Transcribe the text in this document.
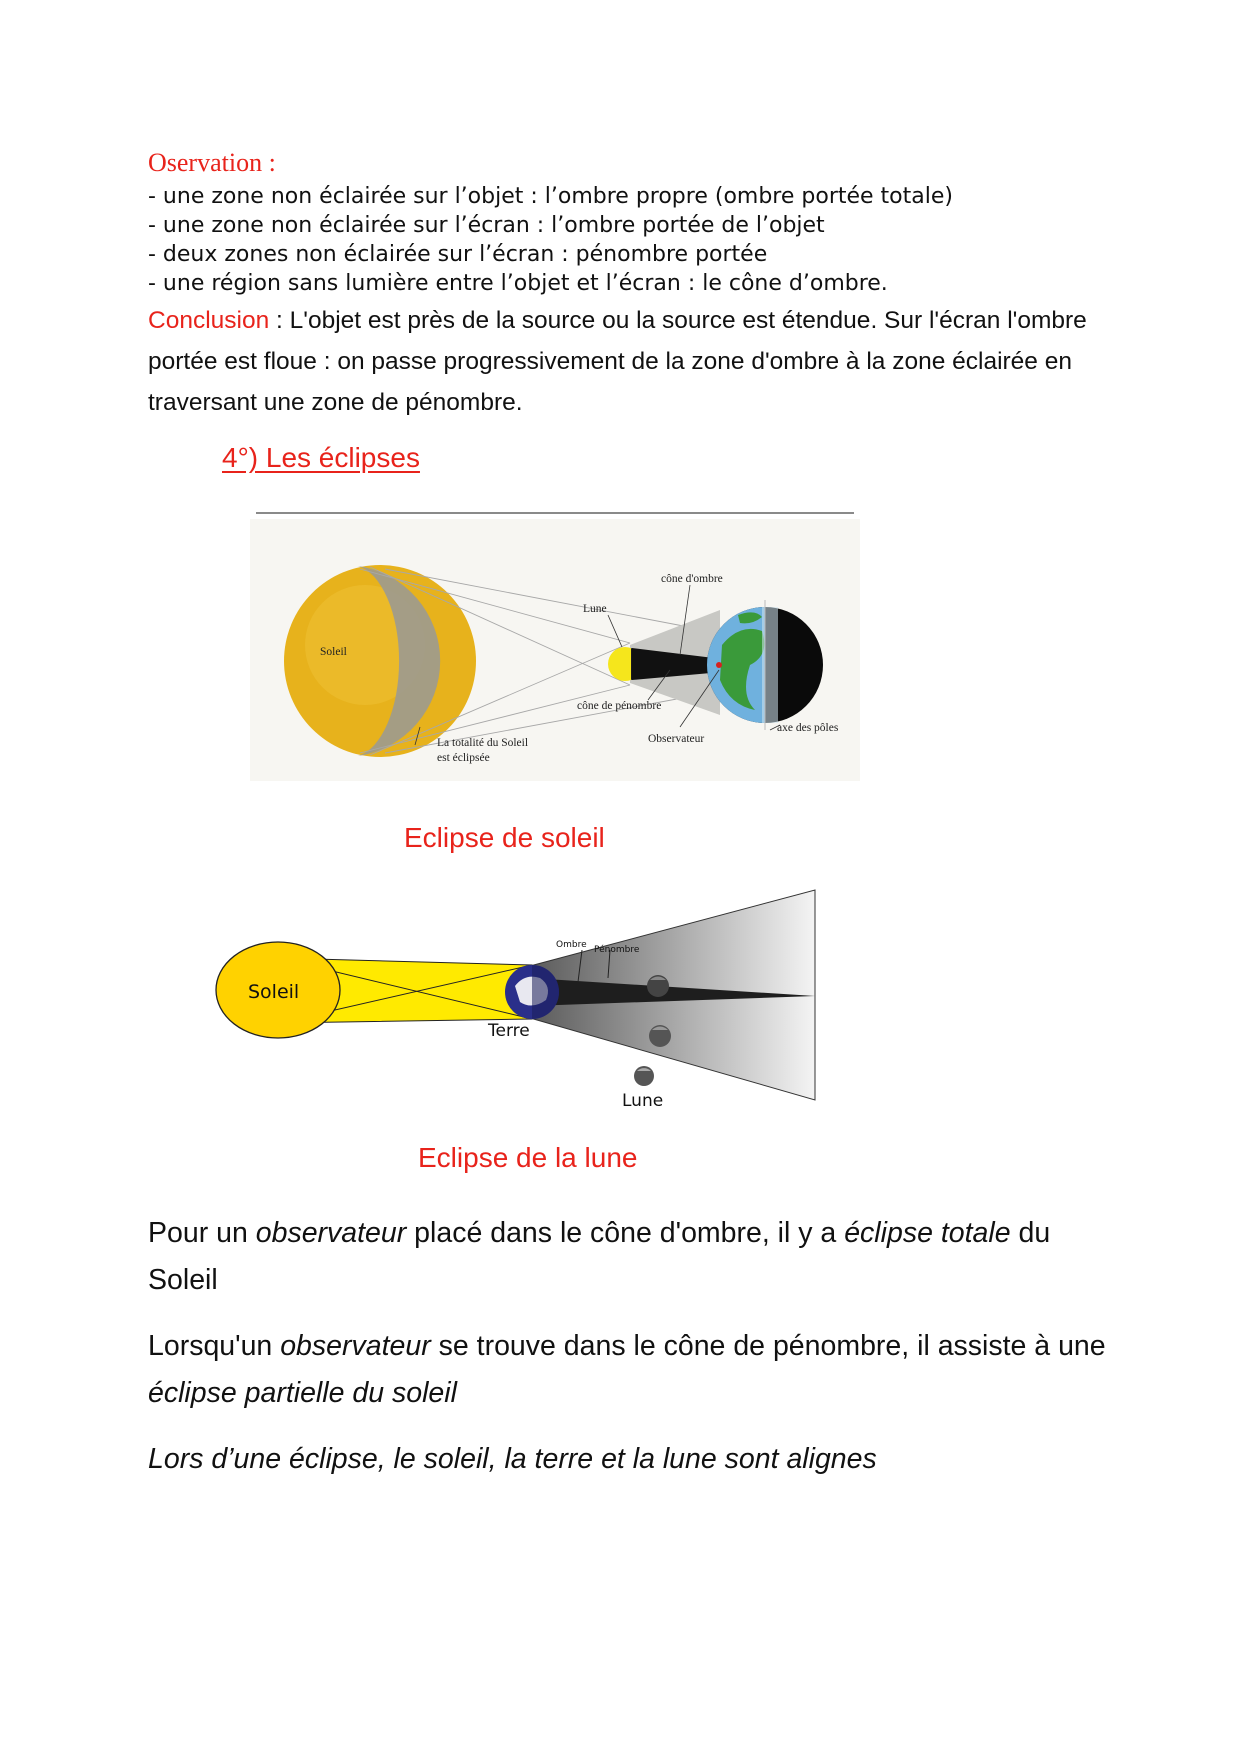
Oservation :
- une zone non éclairée sur l’objet : l’ombre propre (ombre portée totale)
- une zone non éclairée sur l’écran : l’ombre portée de l’objet
- deux zones non éclairée sur l’écran : pénombre portée
- une région sans lumière entre l’objet et l’écran : le cône d’ombre.
Conclusion : L'objet est près de la source ou la source est étendue. Sur l'écran l'ombre portée est floue : on passe progressivement de la zone d'ombre à la zone éclairée en traversant une zone de pénombre.
4°) Les éclipses
Soleil
Lune
cône d'ombre
cône de pénombre
Observateur
axe des pôles
La totalité du Soleil
est éclipsée
Eclipse de soleil
Soleil
Terre
Lune
Ombre Pénombre
Eclipse de la lune
Pour un observateur placé dans le cône d'ombre, il y a éclipse totale du Soleil
Lorsqu'un observateur se trouve dans le cône de pénombre, il assiste à une éclipse partielle du soleil
Lors d’une éclipse, le soleil, la terre et la lune sont alignes
